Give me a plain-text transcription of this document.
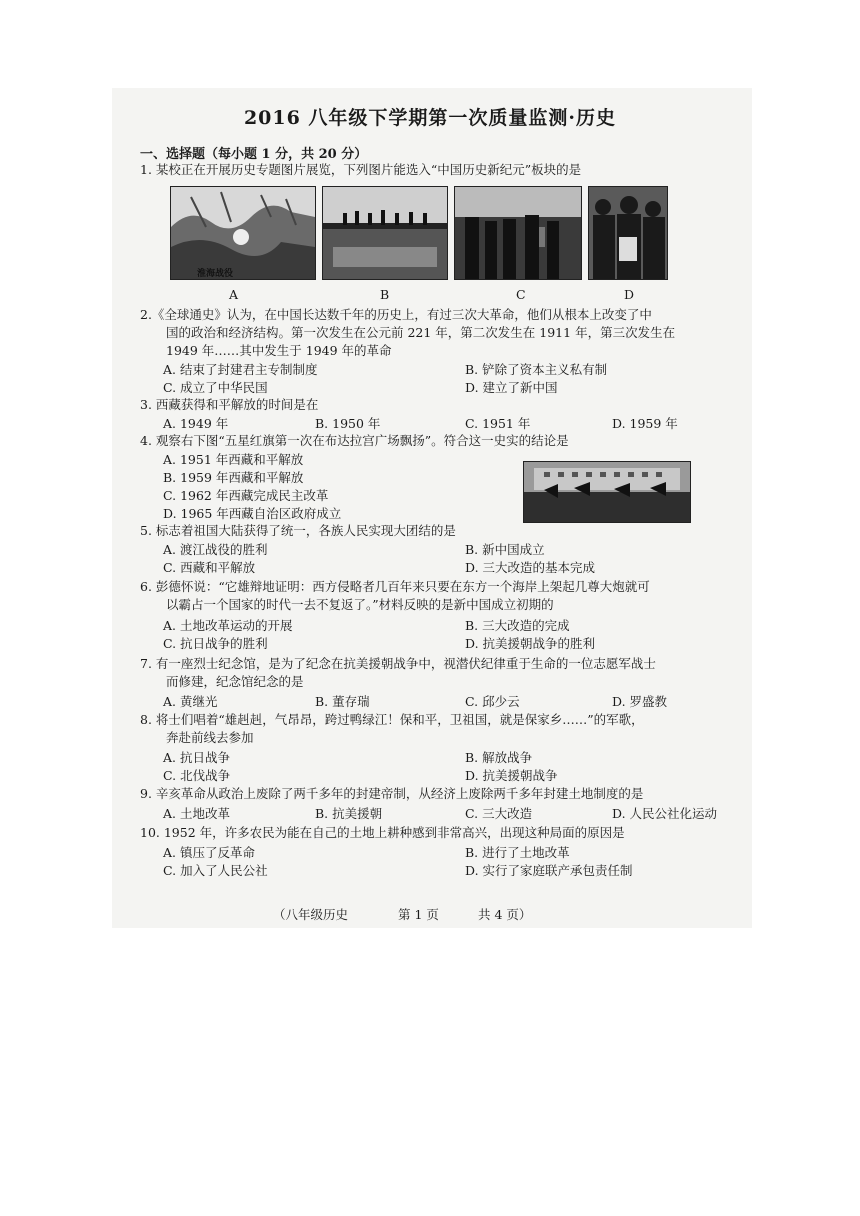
2016 八年级下学期第一次质量监测·历史
一、选择题（每小题 1 分，共 20 分）
1. 某校正在开展历史专题图片展览，下列图片能选入“中国历史新纪元”板块的是
淮海战役
A	B	C	D
2.《全球通史》认为，在中国长达数千年的历史上，有过三次大革命，他们从根本上改变了中
国的政治和经济结构。第一次发生在公元前 221 年，第二次发生在 1911 年，第三次发生在
1949 年……其中发生于 1949 年的革命
A. 结束了封建君主专制制度	B. 铲除了资本主义私有制
C. 成立了中华民国	D. 建立了新中国
3. 西藏获得和平解放的时间是在
A. 1949 年	B. 1950 年	C. 1951 年	D. 1959 年
4. 观察右下图“五星红旗第一次在布达拉宫广场飘扬”。符合这一史实的结论是
A. 1951 年西藏和平解放
B. 1959 年西藏和平解放
C. 1962 年西藏完成民主改革
D. 1965 年西藏自治区政府成立
5. 标志着祖国大陆获得了统一，各族人民实现大团结的是
A. 渡江战役的胜利	B. 新中国成立
C. 西藏和平解放	D. 三大改造的基本完成
6. 彭德怀说：“它雄辩地证明：西方侵略者几百年来只要在东方一个海岸上架起几尊大炮就可
以霸占一个国家的时代一去不复返了。”材料反映的是新中国成立初期的
A. 土地改革运动的开展	B. 三大改造的完成
C. 抗日战争的胜利	D. 抗美援朝战争的胜利
7. 有一座烈士纪念馆，是为了纪念在抗美援朝战争中，视潜伏纪律重于生命的一位志愿军战士
而修建，纪念馆纪念的是
A. 黄继光	B. 董存瑞	C. 邱少云	D. 罗盛教
8. 将士们唱着“雄赳赳，气昂昂，跨过鸭绿江！保和平，卫祖国，就是保家乡……”的军歌，
奔赴前线去参加
A. 抗日战争	B. 解放战争
C. 北伐战争	D. 抗美援朝战争
9. 辛亥革命从政治上废除了两千多年的封建帝制，从经济上废除两千多年封建土地制度的是
A. 土地改革	B. 抗美援朝	C. 三大改造	D. 人民公社化运动
10. 1952 年，许多农民为能在自己的土地上耕种感到非常高兴，出现这种局面的原因是
A. 镇压了反革命	B. 进行了土地改革
C. 加入了人民公社	D. 实行了家庭联产承包责任制
（八年级历史	第 1 页	共 4 页）
